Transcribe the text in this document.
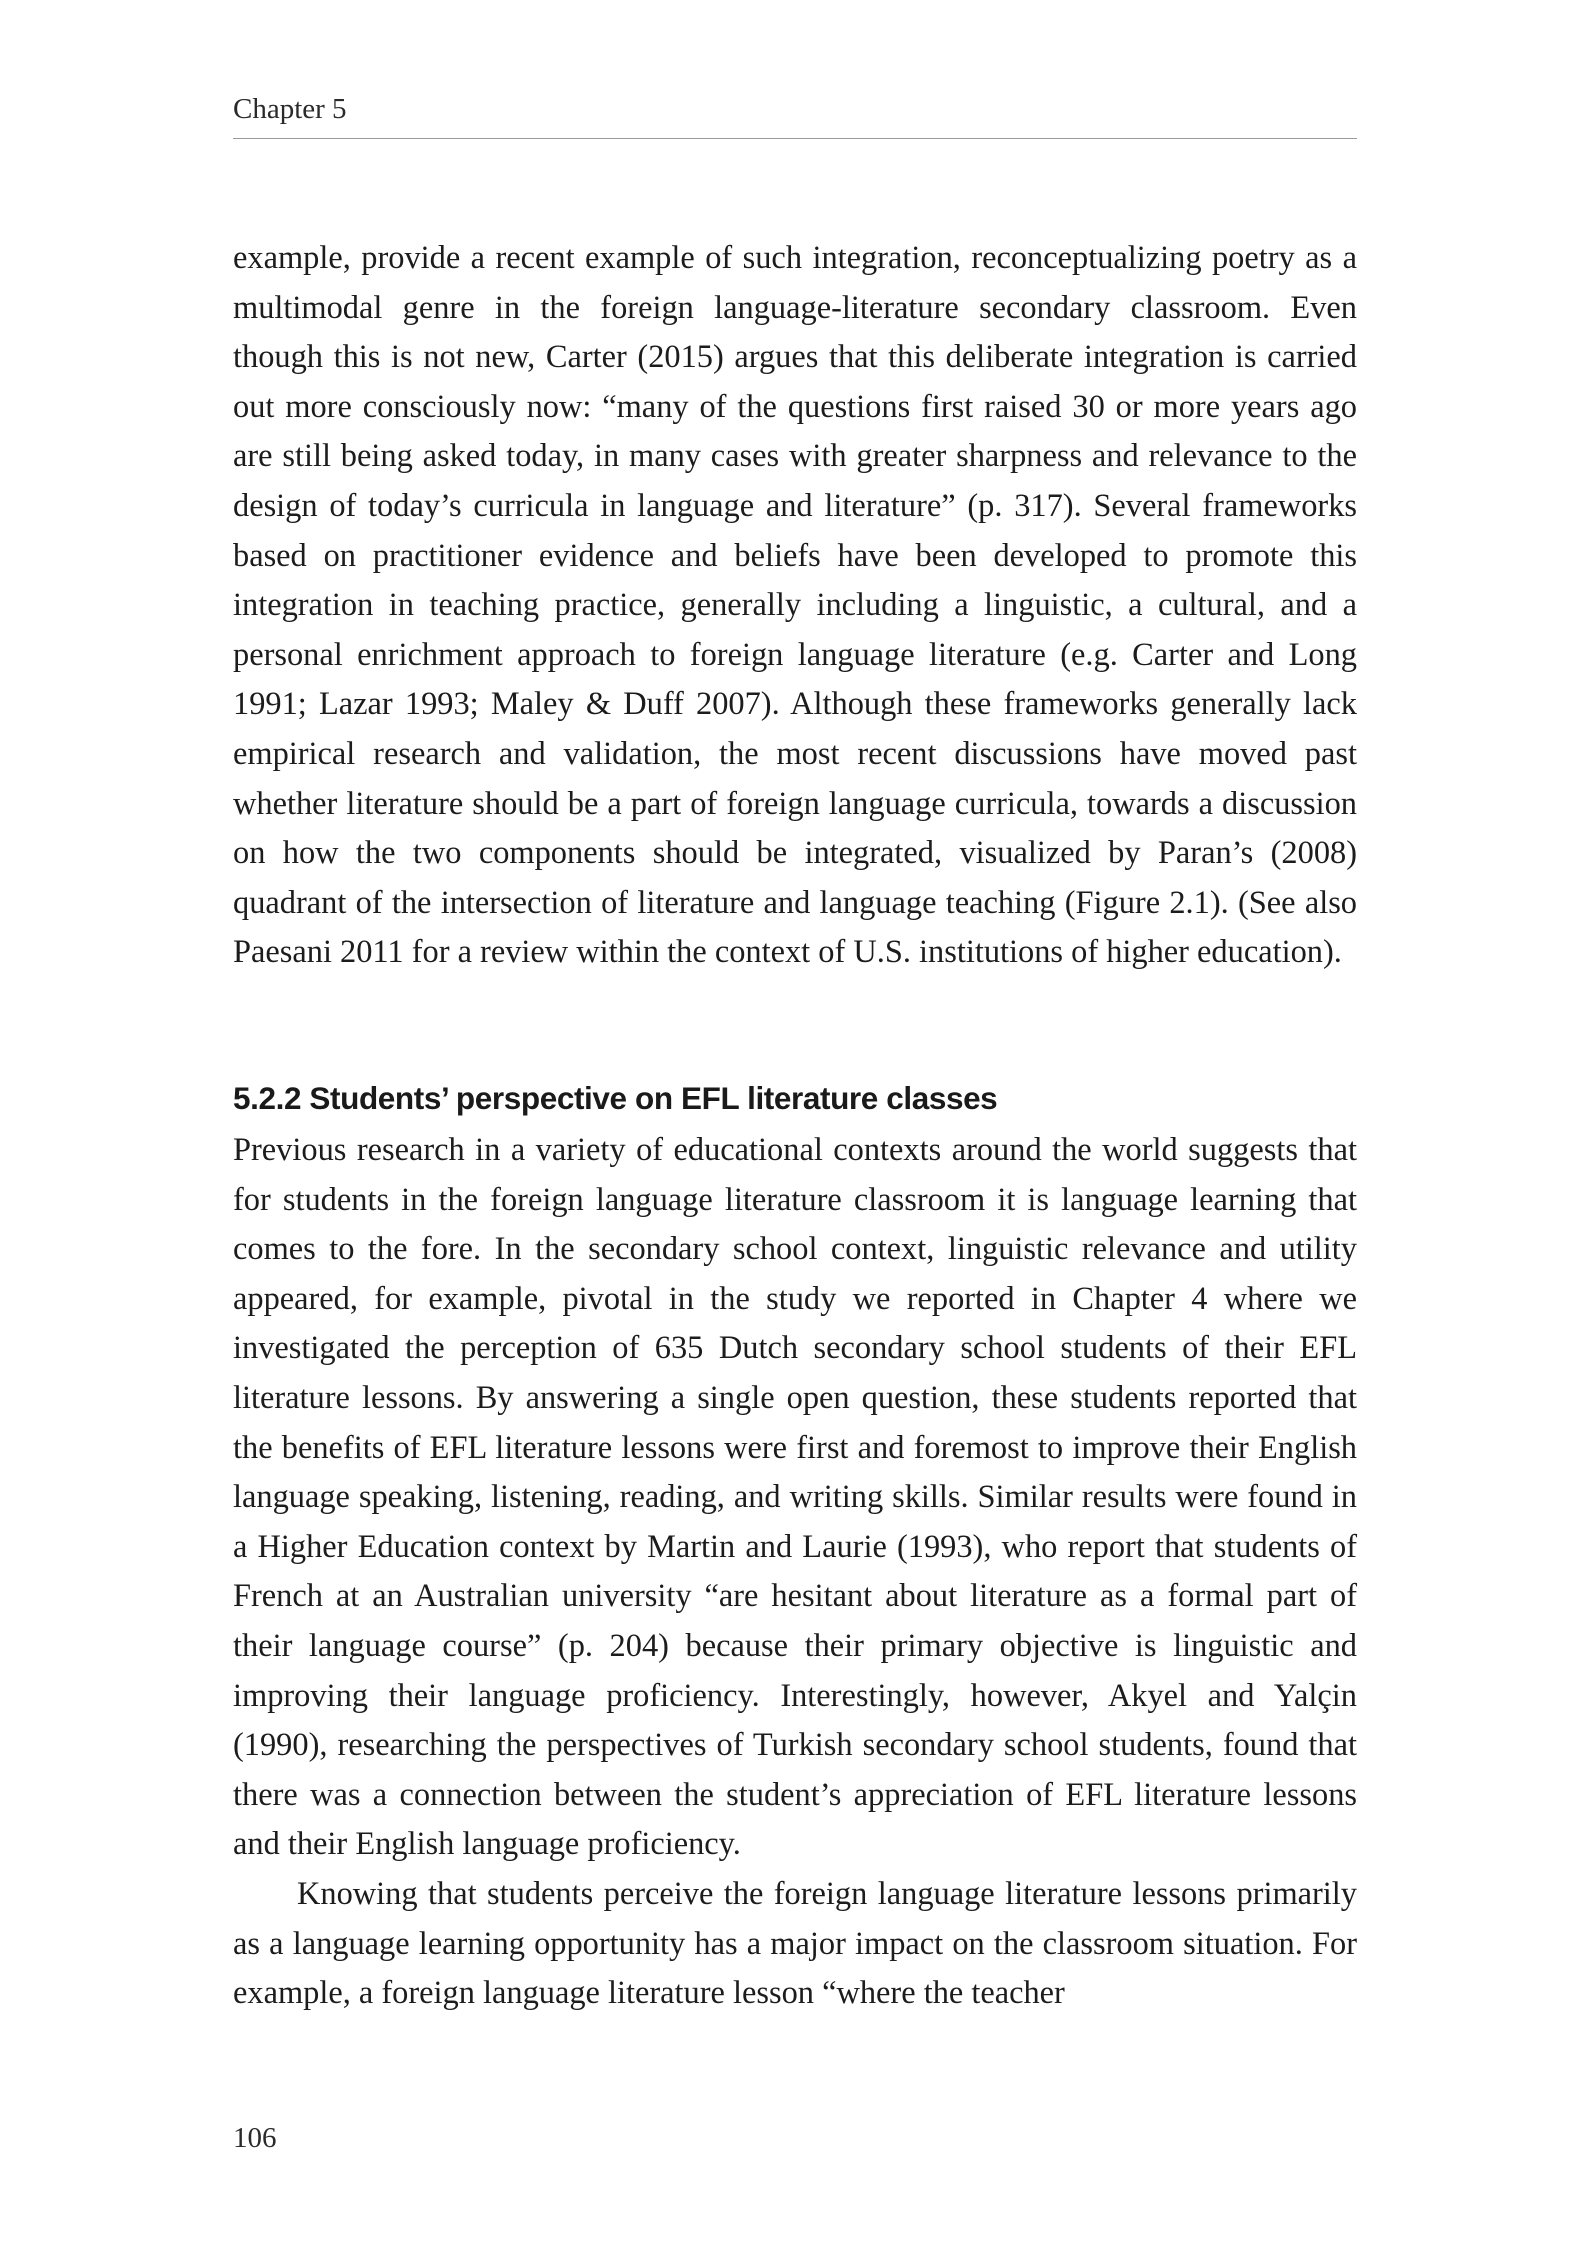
Chapter 5

example, provide a recent example of such integration, reconceptualizing poetry as a multimodal genre in the foreign language-literature secondary classroom. Even though this is not new, Carter (2015) argues that this deliberate integration is carried out more consciously now: “many of the questions first raised 30 or more years ago are still being asked today, in many cases with greater sharpness and relevance to the design of today’s curricula in language and literature” (p. 317). Several frameworks based on practitioner evidence and beliefs have been developed to promote this integration in teaching practice, generally including a linguistic, a cultural, and a personal enrichment approach to foreign language literature (e.g. Carter and Long 1991; Lazar 1993; Maley & Duff 2007). Although these frameworks generally lack empirical research and validation, the most recent discussions have moved past whether literature should be a part of foreign language curricula, towards a discussion on how the two components should be integrated, visualized by Paran’s (2008) quadrant of the intersection of literature and language teaching (Figure 2.1). (See also Paesani 2011 for a review within the context of U.S. institutions of higher education).

5.2.2 Students’ perspective on EFL literature classes

Previous research in a variety of educational contexts around the world suggests that for students in the foreign language literature classroom it is language learning that comes to the fore. In the secondary school context, linguistic relevance and utility appeared, for example, pivotal in the study we reported in Chapter 4 where we investigated the perception of 635 Dutch secondary school students of their EFL literature lessons. By answering a single open question, these students reported that the benefits of EFL literature lessons were first and foremost to improve their English language speaking, listening, reading, and writing skills. Similar results were found in a Higher Education context by Martin and Laurie (1993), who report that students of French at an Australian university “are hesitant about literature as a formal part of their language course” (p. 204) because their primary objective is linguistic and improving their language proficiency. Interestingly, however, Akyel and Yalçin (1990), researching the perspectives of Turkish secondary school students, found that there was a connection between the student’s appreciation of EFL literature lessons and their English language proficiency.

Knowing that students perceive the foreign language literature lessons primarily as a language learning opportunity has a major impact on the classroom situation. For example, a foreign language literature lesson “where the teacher

106
